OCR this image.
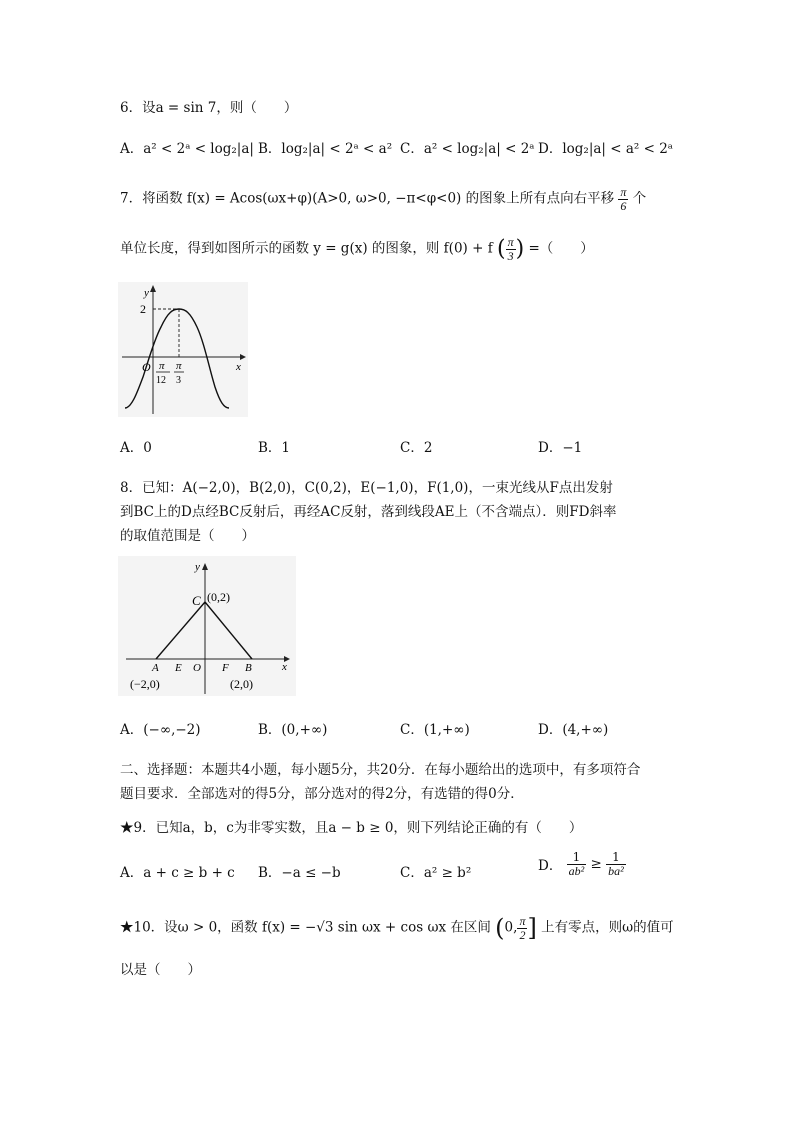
6．设a = sin 7，则（　　）
A．a² < 2ᵃ < log₂|a| B．log₂|a| < 2ᵃ < a² C．a² < log₂|a| < 2ᵃ D．log₂|a| < a² < 2ᵃ
7．将函数 f(x) = Acos(ωx+φ)(A>0, ω>0, −π<φ<0) 的图象上所有点向右平移 $\frac{\pi}{6}$ 个
单位长度，得到如图所示的函数 y = g(x) 的图象，则 f(0) + f ( $\frac{\pi}{3}$ ) =（　　）
y
x
2
O π
12
π
3
A．0	B．1	C．2	D．−1
8．已知：A(−2,0)，B(2,0)，C(0,2)，E(−1,0)，F(1,0)，一束光线从F点出发射
到BC上的D点经BC反射后，再经AC反射，落到线段AE上（不含端点）．则FD斜率
的取值范围是（　　）
y
x
C (0,2)
A
(−2,0)
E O F B
(2,0)
A．(−∞,−2)	B．(0,+∞)	C．(1,+∞)	D．(4,+∞)
二、选择题：本题共4小题，每小题5分，共20分．在每小题给出的选项中，有多项符合
题目要求．全部选对的得5分，部分选对的得2分，有选错的得0分．
★9．已知a，b，c为非零实数，且a − b ≥ 0，则下列结论正确的有（　　）
A．a + c ≥ b + c B．−a ≤ −b	C．a² ≥ b²	D． $\frac{1}{\text{ab²}} \ge \frac{1}{\text{ba²}}$
★10．设ω > 0，函数 f(x) = −√3 sin ωx + cos ωx 在区间 (0, $\frac{\pi}{2}$ ] 上有零点，则ω的值可
以是（　　）
